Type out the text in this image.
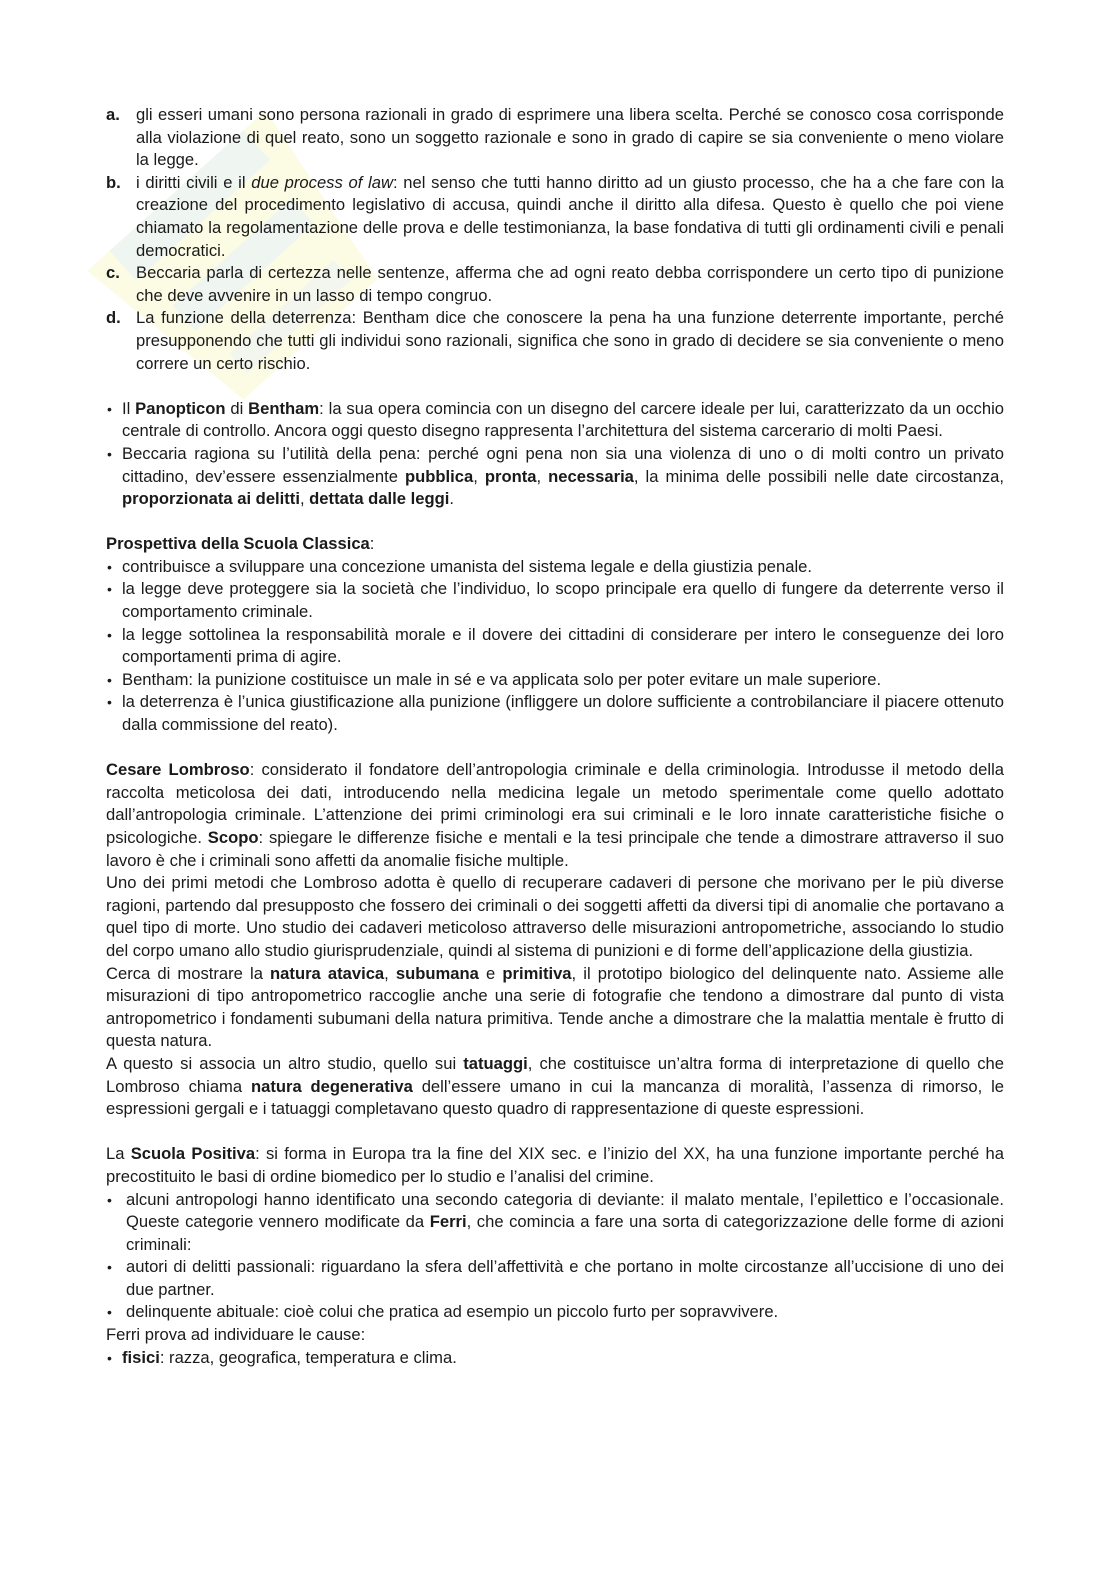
a. gli esseri umani sono persona razionali in grado di esprimere una libera scelta. Perché se conosco cosa corrisponde alla violazione di quel reato, sono un soggetto razionale e sono in grado di capire se sia conveniente o meno violare la legge.
b. i diritti civili e il due process of law: nel senso che tutti hanno diritto ad un giusto processo, che ha a che fare con la creazione del procedimento legislativo di accusa, quindi anche il diritto alla difesa. Questo è quello che poi viene chiamato la regolamentazione delle prova e delle testimonianza, la base fondativa di tutti gli ordinamenti civili e penali democratici.
c. Beccaria parla di certezza nelle sentenze, afferma che ad ogni reato debba corrispondere un certo tipo di punizione che deve avvenire in un lasso di tempo congruo.
d. La funzione della deterrenza: Bentham dice che conoscere la pena ha una funzione deterrente importante, perché presupponendo che tutti gli individui sono razionali, significa che sono in grado di decidere se sia conveniente o meno correre un certo rischio.
• Il Panopticon di Bentham: la sua opera comincia con un disegno del carcere ideale per lui, caratterizzato da un occhio centrale di controllo. Ancora oggi questo disegno rappresenta l’architettura del sistema carcerario di molti Paesi.
• Beccaria ragiona su l’utilità della pena: perché ogni pena non sia una violenza di uno o di molti contro un privato cittadino, dev’essere essenzialmente pubblica, pronta, necessaria, la minima delle possibili nelle date circostanza, proporzionata ai delitti, dettata dalle leggi.

Prospettiva della Scuola Classica:

• contribuisce a sviluppare una concezione umanista del sistema legale e della giustizia penale.
• la legge deve proteggere sia la società che l’individuo, lo scopo principale era quello di fungere da deterrente verso il comportamento criminale.
• la legge sottolinea la responsabilità morale e il dovere dei cittadini di considerare per intero le conseguenze dei loro comportamenti prima di agire.
• Bentham: la punizione costituisce un male in sé e va applicata solo per poter evitare un male superiore.
• la deterrenza è l’unica giustificazione alla punizione (infliggere un dolore sufficiente a controbilanciare il piacere ottenuto dalla commissione del reato).

Cesare Lombroso: considerato il fondatore dell’antropologia criminale e della criminologia. Introdusse il metodo della raccolta meticolosa dei dati, introducendo nella medicina legale un metodo sperimentale come quello adottato dall’antropologia criminale. L’attenzione dei primi criminologi era sui criminali e le loro innate caratteristiche fisiche o psicologiche. Scopo: spiegare le differenze fisiche e mentali e la tesi principale che tende a dimostrare attraverso il suo lavoro è che i criminali sono affetti da anomalie fisiche multiple.

Uno dei primi metodi che Lombroso adotta è quello di recuperare cadaveri di persone che morivano per le più diverse ragioni, partendo dal presupposto che fossero dei criminali o dei soggetti affetti da diversi tipi di anomalie che portavano a quel tipo di morte. Uno studio dei cadaveri meticoloso attraverso delle misurazioni antropometriche, associando lo studio del corpo umano allo studio giurisprudenziale, quindi al sistema di punizioni e di forme dell’applicazione della giustizia.

Cerca di mostrare la natura atavica, subumana e primitiva, il prototipo biologico del delinquente nato. Assieme alle misurazioni di tipo antropometrico raccoglie anche una serie di fotografie che tendono a dimostrare dal punto di vista antropometrico i fondamenti subumani della natura primitiva. Tende anche a dimostrare che la malattia mentale è frutto di questa natura.

A questo si associa un altro studio, quello sui tatuaggi, che costituisce un’altra forma di interpretazione di quello che Lombroso chiama natura degenerativa dell’essere umano in cui la mancanza di moralità, l’assenza di rimorso, le espressioni gergali e i tatuaggi completavano questo quadro di rappresentazione di queste espressioni.

La Scuola Positiva: si forma in Europa tra la fine del XIX sec. e l’inizio del XX, ha una funzione importante perché ha precostituito le basi di ordine biomedico per lo studio e l’analisi del crimine.

• alcuni antropologi hanno identificato una secondo categoria di deviante: il malato mentale, l’epilettico e l’occasionale. Queste categorie vennero modificate da Ferri, che comincia a fare una sorta di categorizzazione delle forme di azioni criminali:
• autori di delitti passionali: riguardano la sfera dell’affettività e che portano in molte circostanze all’uccisione di uno dei due partner.
• delinquente abituale: cioè colui che pratica ad esempio un piccolo furto per sopravvivere.

Ferri prova ad individuare le cause:

• fisici: razza, geografica, temperatura e clima.
